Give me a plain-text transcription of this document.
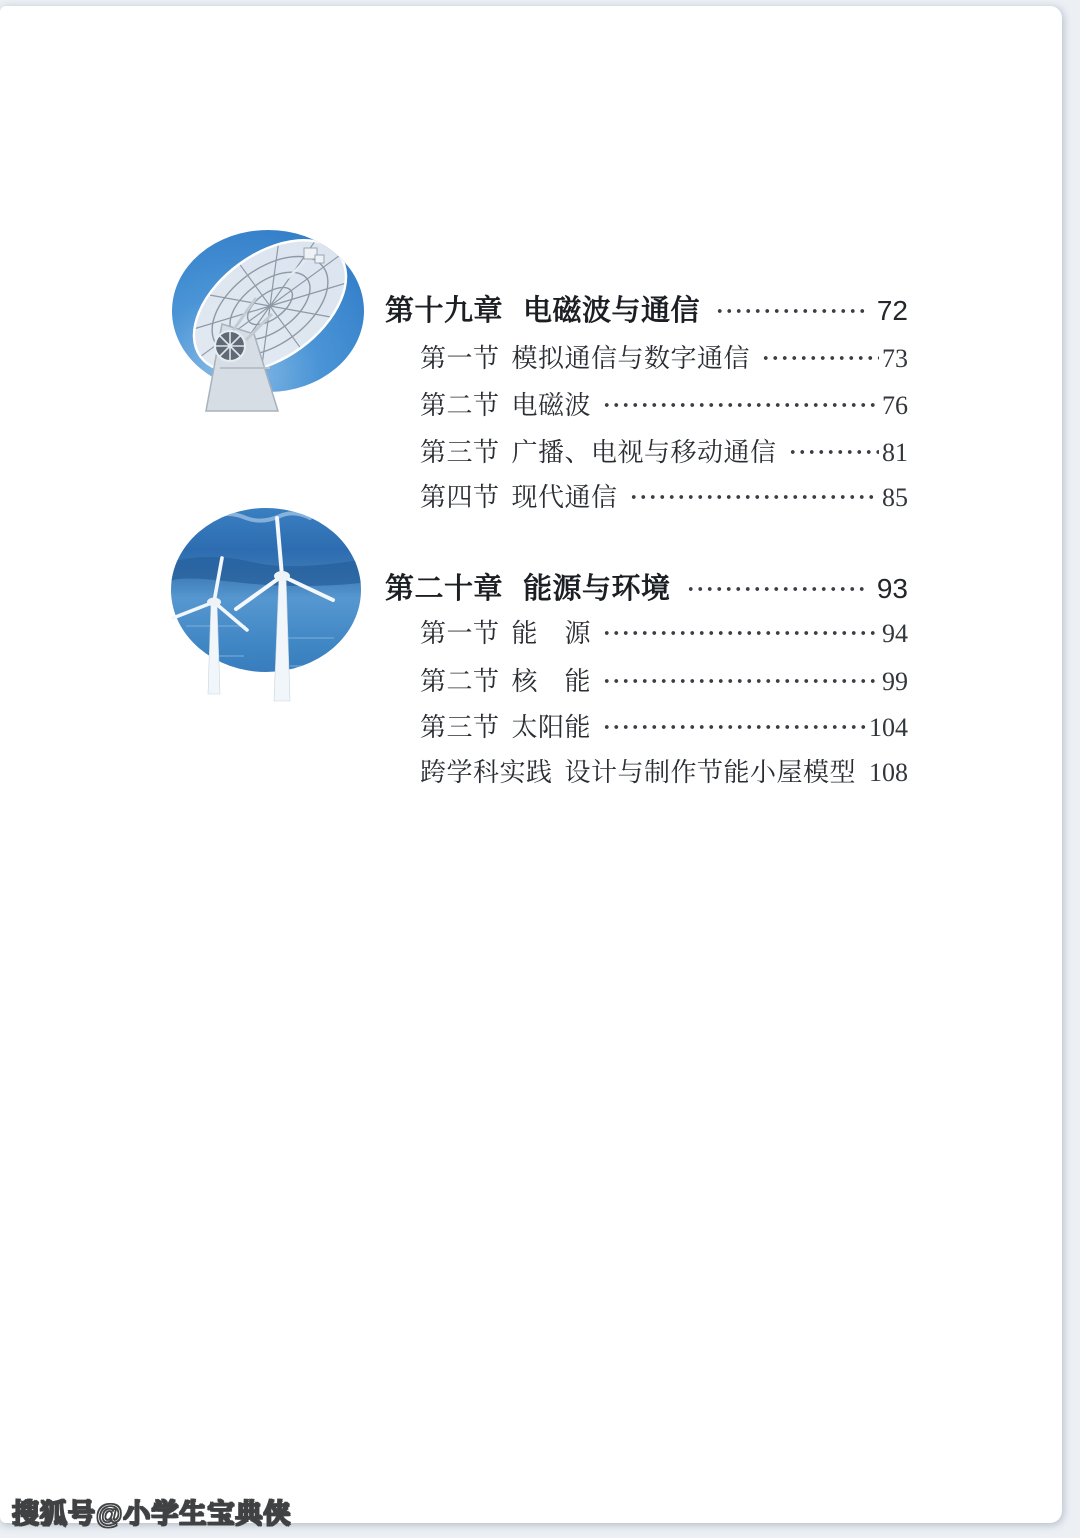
第十九章 电磁波与通信	72
第一节 模拟通信与数字通信	73
第二节 电磁波	76
第三节 广播、电视与移动通信	81
第四节 现代通信	85
第二十章 能源与环境	93
第一节 能　源	94
第二节 核　能	99
第三节 太阳能	104
跨学科实践 设计与制作节能小屋模型 108
搜狐号@小学生宝典侠
